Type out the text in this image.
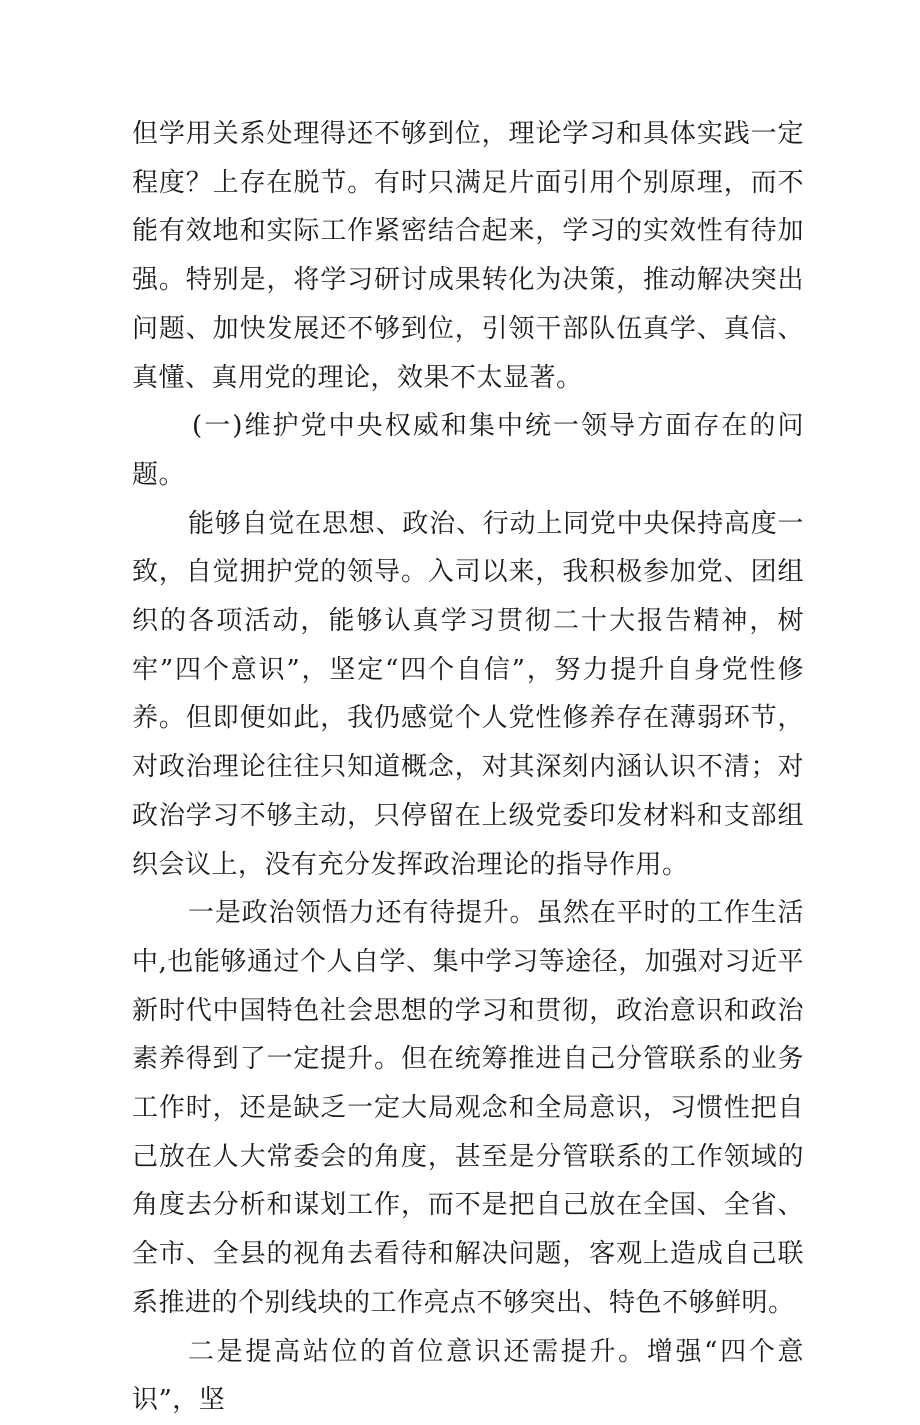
但学用关系处理得还不够到位，理论学习和具体实践一定程度？上存在脱节。有时只满足片面引用个别原理，而不能有效地和实际工作紧密结合起来，学习的实效性有待加强。特别是，将学习研讨成果转化为决策，推动解决突出问题、加快发展还不够到位，引领干部队伍真学、真信、真懂、真用党的理论，效果不太显著。

(一)维护党中央权威和集中统一领导方面存在的问题。

能够自觉在思想、政治、行动上同党中央保持高度一致，自觉拥护党的领导。入司以来，我积极参加党、团组织的各项活动，能够认真学习贯彻二十大报告精神，树牢”四个意识”，坚定“四个自信”，努力提升自身党性修养。但即便如此，我仍感觉个人党性修养存在薄弱环节，对政治理论往往只知道概念，对其深刻内涵认识不清；对政治学习不够主动，只停留在上级党委印发材料和支部组织会议上，没有充分发挥政治理论的指导作用。

一是政治领悟力还有待提升。虽然在平时的工作生活中,也能够通过个人自学、集中学习等途径，加强对习近平新时代中国特色社会思想的学习和贯彻，政治意识和政治素养得到了一定提升。但在统筹推进自己分管联系的业务工作时，还是缺乏一定大局观念和全局意识，习惯性把自己放在人大常委会的角度，甚至是分管联系的工作领域的角度去分析和谋划工作，而不是把自己放在全国、全省、全市、全县的视角去看待和解决问题，客观上造成自己联系推进的个别线块的工作亮点不够突出、特色不够鲜明。

二是提高站位的首位意识还需提升。增强“四个意识”，坚
